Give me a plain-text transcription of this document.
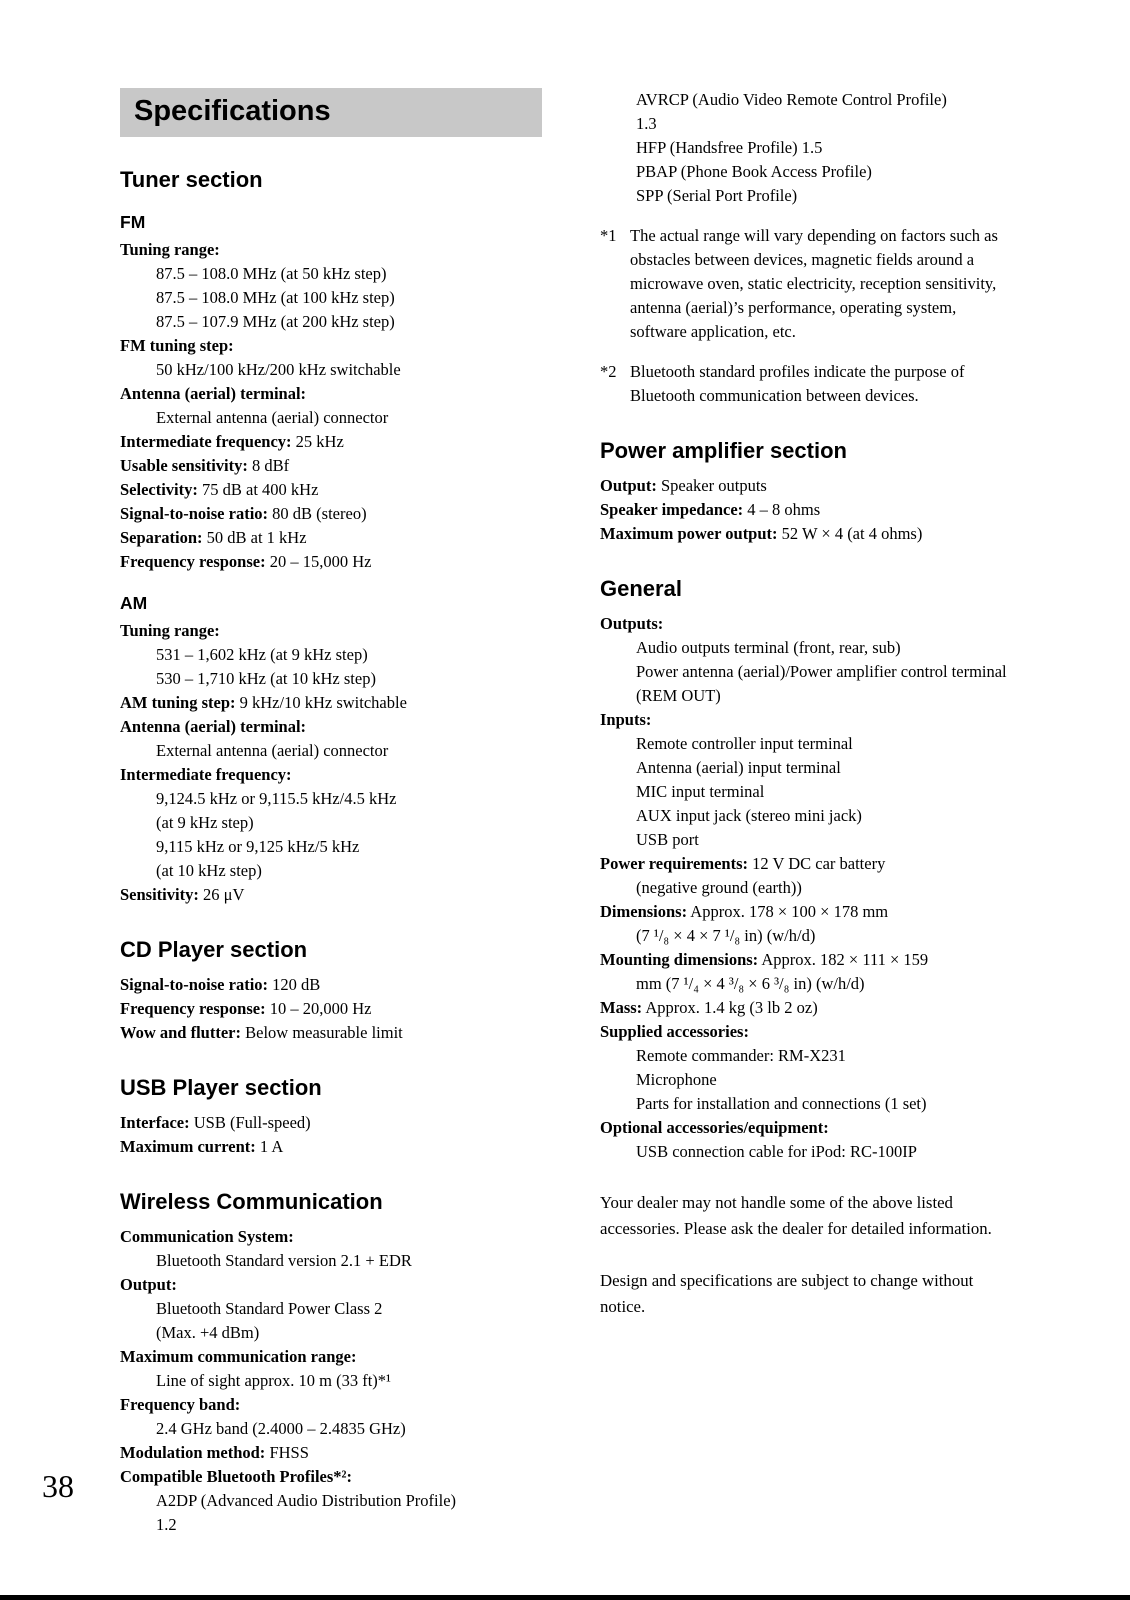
Specifications
Tuner section
FM
Tuning range:
87.5 – 108.0 MHz (at 50 kHz step)
87.5 – 108.0 MHz (at 100 kHz step)
87.5 – 107.9 MHz (at 200 kHz step)
FM tuning step:
50 kHz/100 kHz/200 kHz switchable
Antenna (aerial) terminal:
External antenna (aerial) connector
Intermediate frequency: 25 kHz
Usable sensitivity: 8 dBf
Selectivity: 75 dB at 400 kHz
Signal-to-noise ratio: 80 dB (stereo)
Separation: 50 dB at 1 kHz
Frequency response: 20 – 15,000 Hz
AM
Tuning range:
531 – 1,602 kHz (at 9 kHz step)
530 – 1,710 kHz (at 10 kHz step)
AM tuning step: 9 kHz/10 kHz switchable
Antenna (aerial) terminal:
External antenna (aerial) connector
Intermediate frequency:
9,124.5 kHz or 9,115.5 kHz/4.5 kHz
(at 9 kHz step)
9,115 kHz or 9,125 kHz/5 kHz
(at 10 kHz step)
Sensitivity: 26 μV
CD Player section
Signal-to-noise ratio: 120 dB
Frequency response: 10 – 20,000 Hz
Wow and flutter: Below measurable limit
USB Player section
Interface: USB (Full-speed)
Maximum current: 1 A
Wireless Communication
Communication System:
Bluetooth Standard version 2.1 + EDR
Output:
Bluetooth Standard Power Class 2
(Max. +4 dBm)
Maximum communication range:
Line of sight approx. 10 m (33 ft)*¹
Frequency band:
2.4 GHz band (2.4000 – 2.4835 GHz)
Modulation method: FHSS
Compatible Bluetooth Profiles*²:
A2DP (Advanced Audio Distribution Profile)
1.2
AVRCP (Audio Video Remote Control Profile)
1.3
HFP (Handsfree Profile) 1.5
PBAP (Phone Book Access Profile)
SPP (Serial Port Profile)
*1 The actual range will vary depending on factors such as obstacles between devices, magnetic fields around a microwave oven, static electricity, reception sensitivity, antenna (aerial)’s performance, operating system, software application, etc.
*2 Bluetooth standard profiles indicate the purpose of Bluetooth communication between devices.
Power amplifier section
Output: Speaker outputs
Speaker impedance: 4 – 8 ohms
Maximum power output: 52 W × 4 (at 4 ohms)
General
Outputs:
Audio outputs terminal (front, rear, sub)
Power antenna (aerial)/Power amplifier control terminal (REM OUT)
Inputs:
Remote controller input terminal
Antenna (aerial) input terminal
MIC input terminal
AUX input jack (stereo mini jack)
USB port
Power requirements: 12 V DC car battery
(negative ground (earth))
Dimensions: Approx. 178 × 100 × 178 mm
(7 ¹/₈ × 4 × 7 ¹/₈ in) (w/h/d)
Mounting dimensions: Approx. 182 × 111 × 159
mm (7 ¹/₄ × 4 ³/₈ × 6 ³/₈ in) (w/h/d)
Mass: Approx. 1.4 kg (3 lb 2 oz)
Supplied accessories:
Remote commander: RM-X231
Microphone
Parts for installation and connections (1 set)
Optional accessories/equipment:
USB connection cable for iPod: RC-100IP

Your dealer may not handle some of the above listed accessories. Please ask the dealer for detailed information.

Design and specifications are subject to change without notice.

38
